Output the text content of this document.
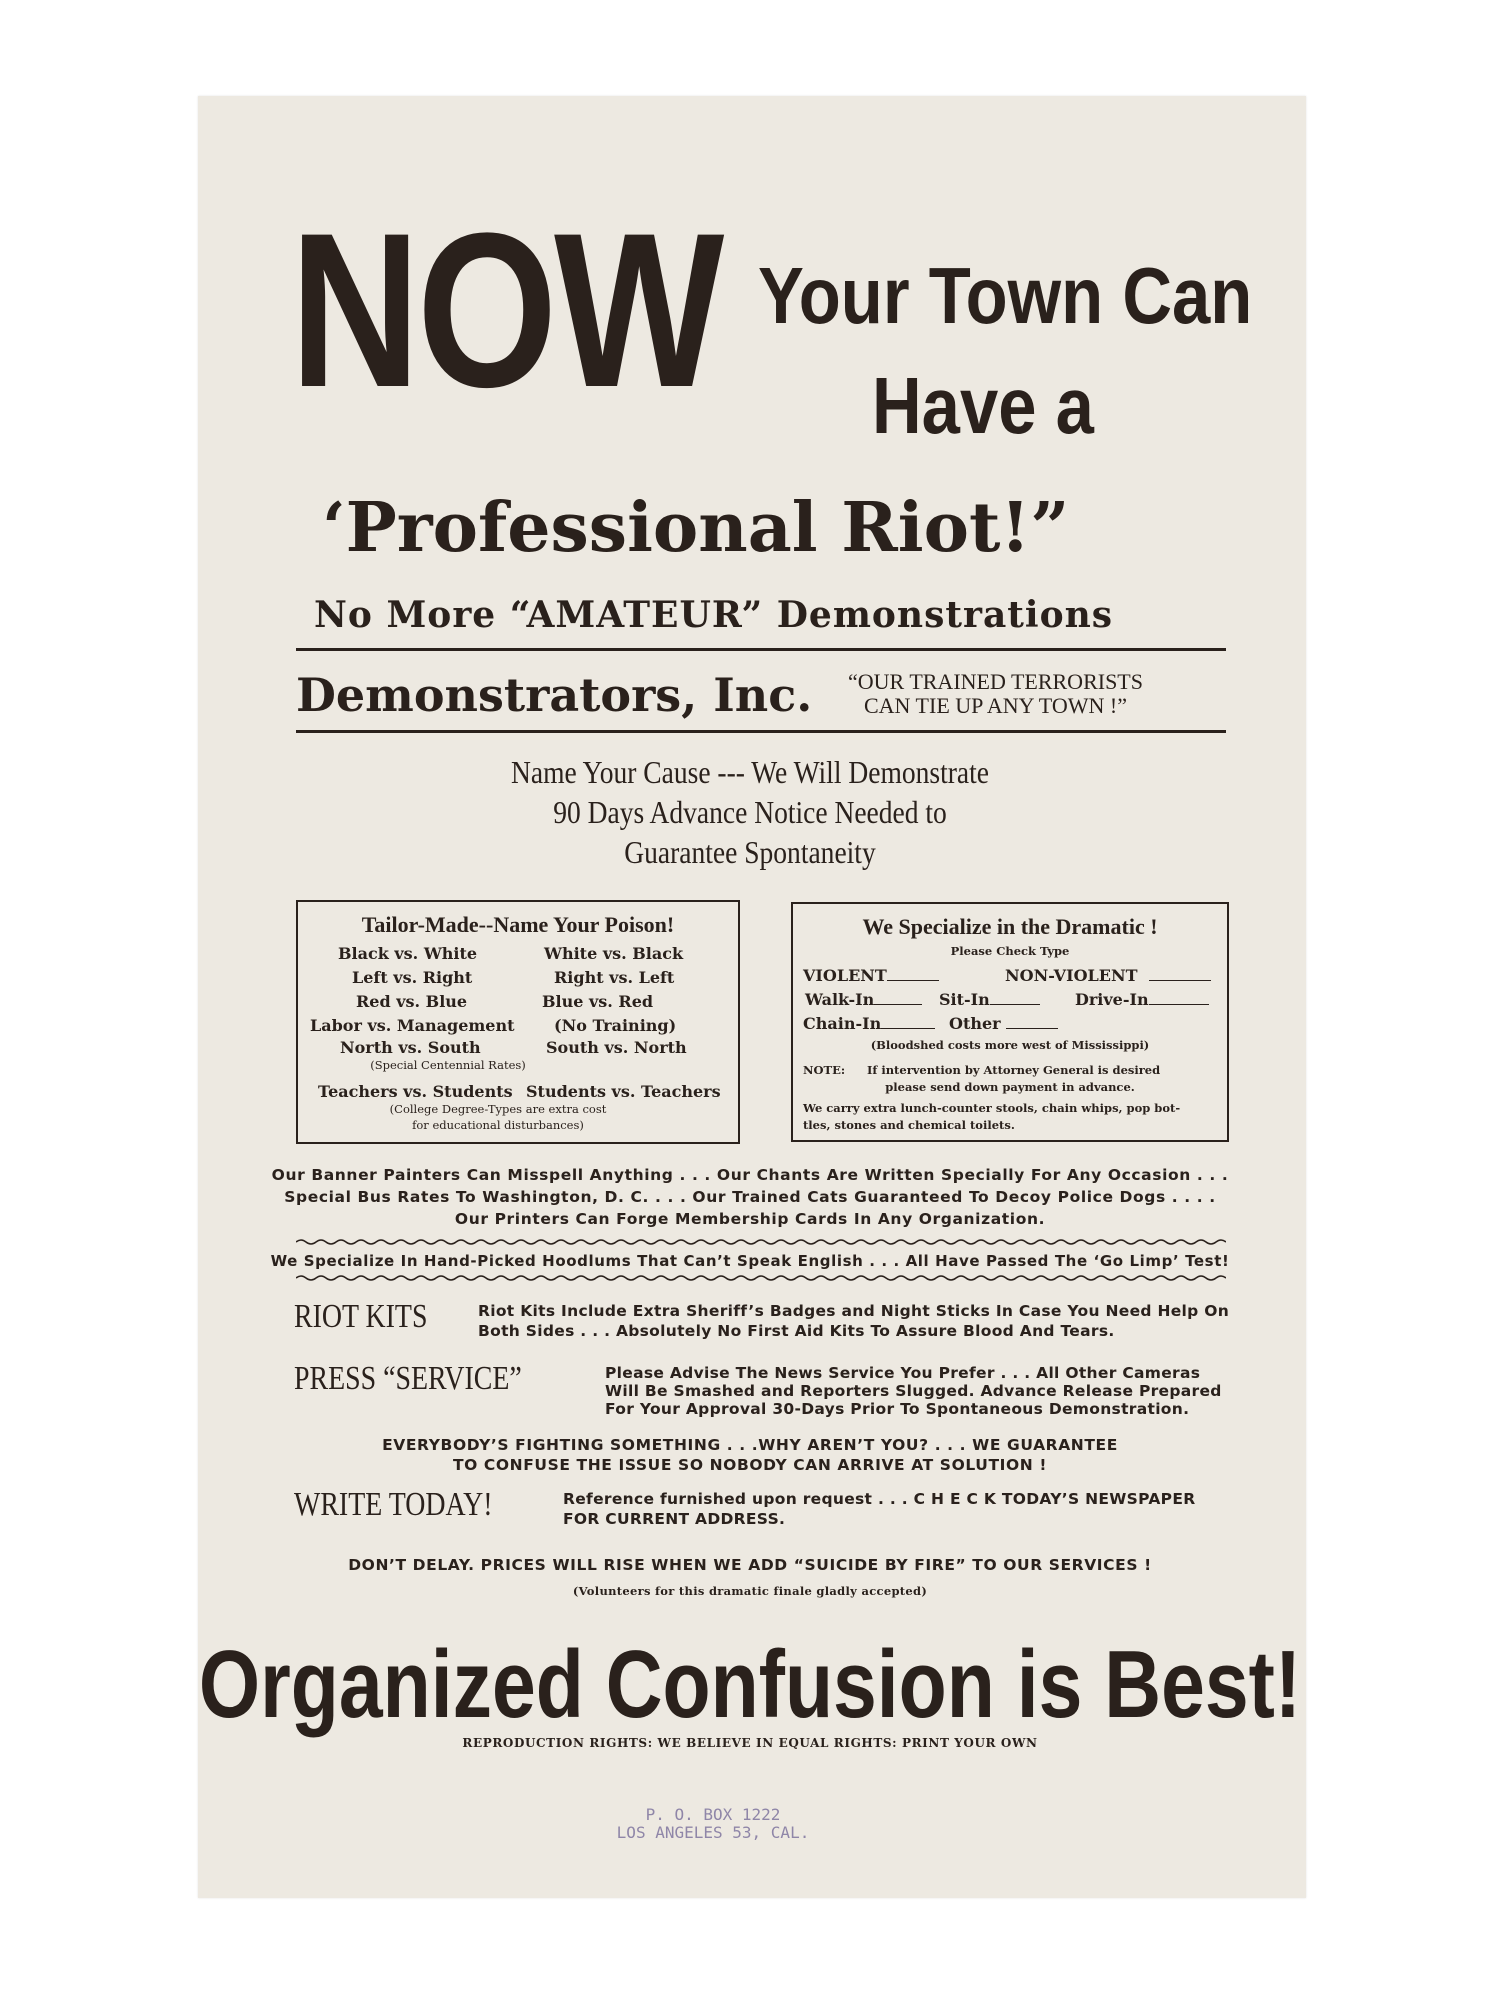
NOW Your Town Can
Have a
‘Professional Riot!”
No More “AMATEUR” Demonstrations
Demonstrators, Inc. “OUR TRAINED TERRORISTS
CAN TIE UP ANY TOWN !”
Name Your Cause --- We Will Demonstrate
90 Days Advance Notice Needed to
Guarantee Spontaneity
Tailor-Made--Name Your Poison!
Black vs. White	White vs. Black
Left vs. Right	Right vs. Left
Red vs. Blue	Blue vs. Red
Labor vs. Management (No Training)
North vs. South	South vs. North
(Special Centennial Rates)
Teachers vs. Students Students vs. Teachers
(College Degree-Types are extra cost
for educational disturbances)
We Specialize in the Dramatic !
Please Check Type
VIOLENT	NON-VIOLENT
Walk-In	Sit-In	Drive-In
Chain-In	Other
(Bloodshed costs more west of Mississippi)
NOTE: If intervention by Attorney General is desired
please send down payment in advance.
We carry extra lunch-counter stools, chain whips, pop bot-
tles, stones and chemical toilets.
Our Banner Painters Can Misspell Anything . . . Our Chants Are Written Specially For Any Occasion . . .
Special Bus Rates To Washington, D. C. . . . Our Trained Cats Guaranteed To Decoy Police Dogs . . . .
Our Printers Can Forge Membership Cards In Any Organization.
We Specialize In Hand-Picked Hoodlums That Can’t Speak English . . . All Have Passed The ‘Go Limp’ Test!
RIOT KITS	Riot Kits Include Extra Sheriff’s Badges and Night Sticks In Case You Need Help On
Both Sides . . . Absolutely No First Aid Kits To Assure Blood And Tears.
PRESS “SERVICE”	Please Advise The News Service You Prefer . . . All Other Cameras
Will Be Smashed and Reporters Slugged. Advance Release Prepared
For Your Approval 30-Days Prior To Spontaneous Demonstration.
EVERYBODY’S FIGHTING SOMETHING . . .WHY AREN’T YOU? . . . WE GUARANTEE
TO CONFUSE THE ISSUE SO NOBODY CAN ARRIVE AT SOLUTION !
WRITE TODAY!	Reference furnished upon request . . . C H E C K TODAY’S NEWSPAPER
FOR CURRENT ADDRESS.
DON’T DELAY. PRICES WILL RISE WHEN WE ADD “SUICIDE BY FIRE” TO OUR SERVICES !
(Volunteers for this dramatic finale gladly accepted)
Organized Confusion is Best!
REPRODUCTION RIGHTS: WE BELIEVE IN EQUAL RIGHTS: PRINT YOUR OWN
P. O. BOX 1222
LOS ANGELES 53, CAL.
